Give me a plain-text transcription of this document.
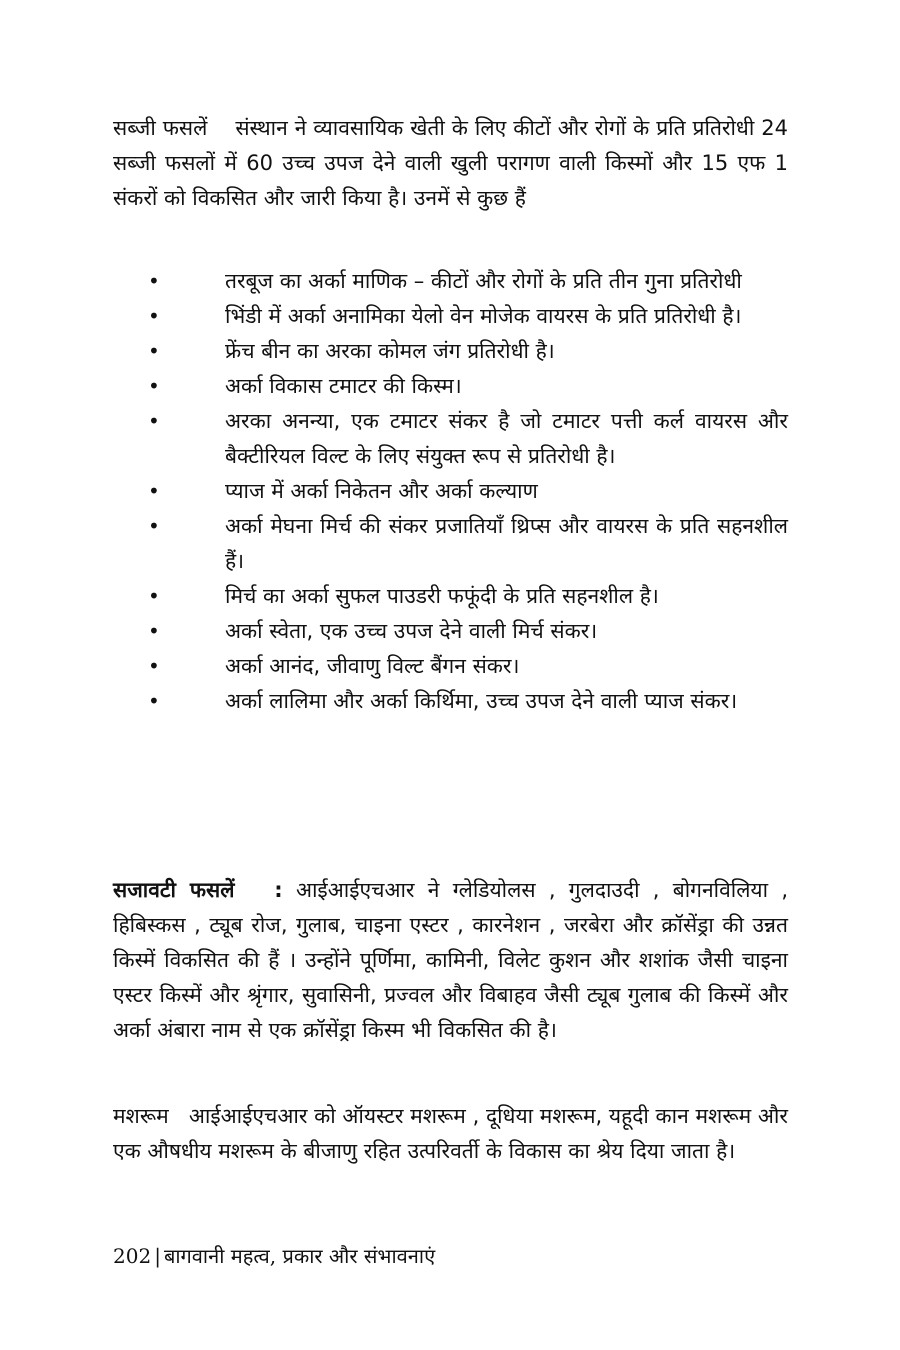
सब्जी फसलें संस्थान ने व्यावसायिक खेती के लिए कीटों और रोगों के प्रति प्रतिरोधी 24 सब्जी फसलों में 60 उच्च उपज देने वाली खुली परागण वाली किस्मों और 15 एफ 1 संकरों को विकसित और जारी किया है। उनमें से कुछ हैं

•	तरबूज का अर्का माणिक – कीटों और रोगों के प्रति तीन गुना प्रतिरोधी
•	भिंडी में अर्का अनामिका येलो वेन मोजेक वायरस के प्रति प्रतिरोधी है।
•	फ्रेंच बीन का अरका कोमल जंग प्रतिरोधी है।
•	अर्का विकास टमाटर की किस्म।
•	अरका अनन्या, एक टमाटर संकर है जो टमाटर पत्ती कर्ल वायरस और बैक्टीरियल विल्ट के लिए संयुक्त रूप से प्रतिरोधी है।
•	प्याज में अर्का निकेतन और अर्का कल्याण
•	अर्का मेघना मिर्च की संकर प्रजातियाँ थ्रिप्स और वायरस के प्रति सहनशील हैं।
•	मिर्च का अर्का सुफल पाउडरी फफूंदी के प्रति सहनशील है।
•	अर्का स्वेता, एक उच्च उपज देने वाली मिर्च संकर।
•	अर्का आनंद, जीवाणु विल्ट बैंगन संकर।
•	अर्का लालिमा और अर्का किर्थिमा, उच्च उपज देने वाली प्याज संकर।

सजावटी फसलें : आईआईएचआर ने ग्लेडियोलस , गुलदाउदी , बोगनविलिया , हिबिस्कस , ट्यूब रोज, गुलाब, चाइना एस्टर , कारनेशन , जरबेरा और क्रॉसेंड्रा की उन्नत किस्में विकसित की हैं । उन्होंने पूर्णिमा, कामिनी, विलेट कुशन और शशांक जैसी चाइना एस्टर किस्में और श्रृंगार, सुवासिनी, प्रज्वल और विबाहव जैसी ट्यूब गुलाब की किस्में और अर्का अंबारा नाम से एक क्रॉसेंड्रा किस्म भी विकसित की है।

मशरूम आईआईएचआर को ऑयस्टर मशरूम , दूधिया मशरूम, यहूदी कान मशरूम और एक औषधीय मशरूम के बीजाणु रहित उत्परिवर्ती के विकास का श्रेय दिया जाता है।

202 | बागवानी महत्व, प्रकार और संभावनाएं
